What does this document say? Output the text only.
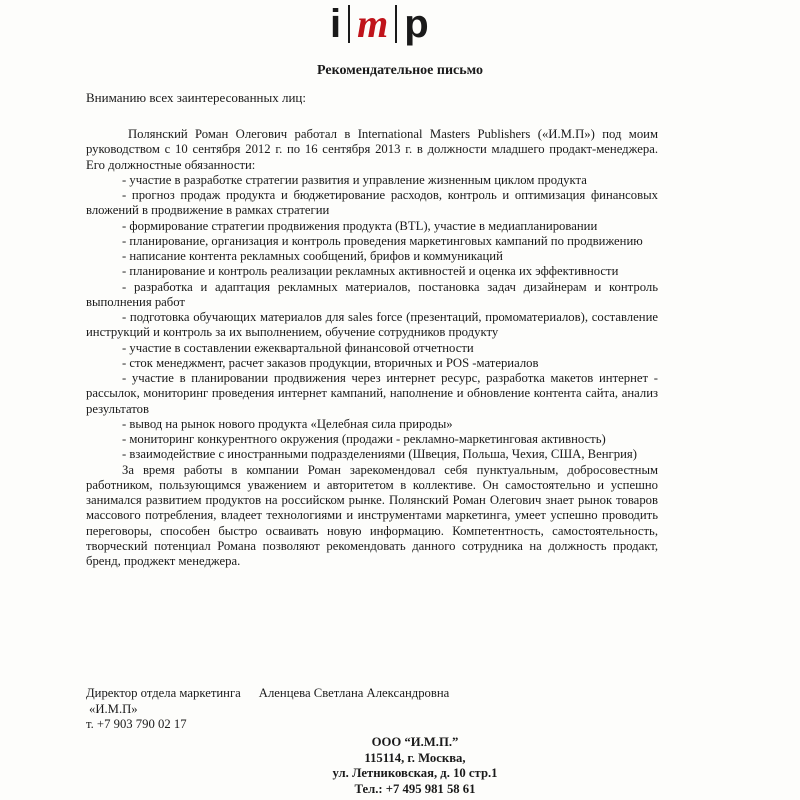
i m p
Рекомендательное письмо
Вниманию всех заинтересованных лиц:

Полянский Роман Олегович работал в International Masters Publishers («И.М.П») под моим руководством с 10 сентября 2012 г. по 16 сентября 2013 г. в должности младшего продакт-менеджера. Его должностные обязанности:

- участие в разработке стратегии развития и управление жизненным циклом продукта

- прогноз продаж продукта и бюджетирование расходов, контроль и оптимизация финансовых вложений в продвижение в рамках стратегии

- формирование стратегии продвижения продукта (BTL), участие в медиапланировании

- планирование, организация и контроль проведения маркетинговых кампаний по продвижению

- написание контента рекламных сообщений, брифов и коммуникаций

- планирование и контроль реализации рекламных активностей и оценка их эффективности

- разработка и адаптация рекламных материалов, постановка задач дизайнерам и контроль выполнения работ

- подготовка обучающих материалов для sales force (презентаций, промоматериалов), составление инструкций и контроль за их выполнением, обучение сотрудников продукту

- участие в составлении ежеквартальной финансовой отчетности

- сток менеджмент, расчет заказов продукции, вторичных и POS -материалов

- участие в планировании продвижения через интернет ресурс, разработка макетов интернет - рассылок, мониторинг проведения интернет кампаний, наполнение и обновление контента сайта, анализ результатов

- вывод на рынок нового продукта «Целебная сила природы»

- мониторинг конкурентного окружения (продажи - рекламно-маркетинговая активность)

- взаимодействие с иностранными подразделениями (Швеция, Польша, Чехия, США, Венгрия)

За время работы в компании Роман зарекомендовал себя пунктуальным, добросовестным работником, пользующимся уважением и авторитетом в коллективе. Он самостоятельно и успешно занимался развитием продуктов на российском рынке. Полянский Роман Олегович знает рынок товаров массового потребления, владеет технологиями и инструментами маркетинга, умеет успешно проводить переговоры, способен быстро осваивать новую информацию. Компетентность, самостоятельность, творческий потенциал Романа позволяют рекомендовать данного сотрудника на должность продакт, бренд, проджект менеджера.

Директор отдела маркетинга Аленцева Светлана Александровна
«И.М.П»
т. +7 903 790 02 17
ООО “И.М.П.”
115114, г. Москва,
ул. Летниковская, д. 10 стр.1
Тел.: +7 495 981 58 61
